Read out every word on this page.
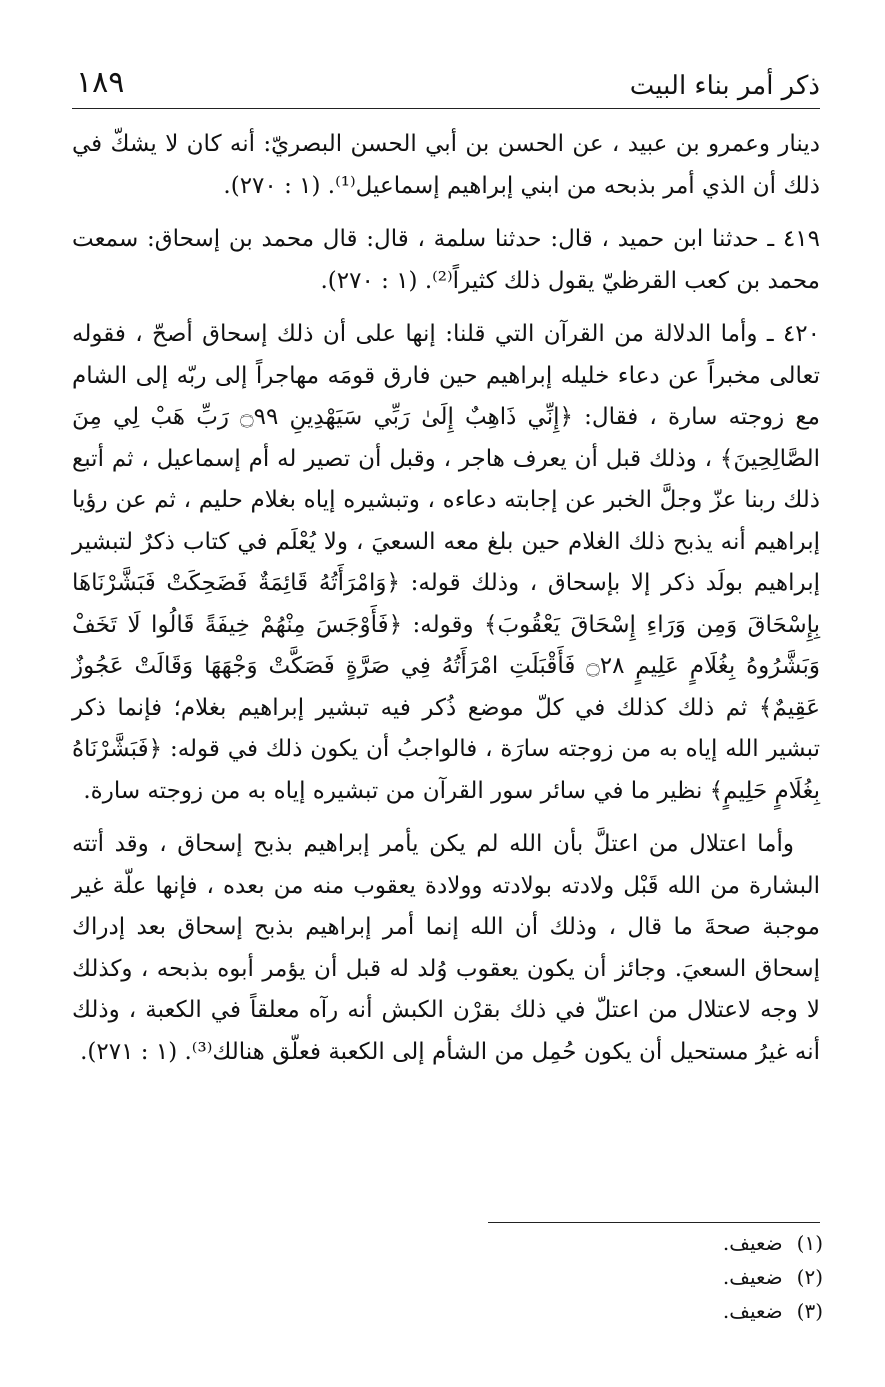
١٨٩	ذكر أمر بناء البيت

دينار وعمرو بن عبيد ، عن الحسن بن أبي الحسن البصريّ: أنه كان لا يشكّ في ذلك أن الذي أمر بذبحه من ابني إبراهيم إسماعيل⁽¹⁾. (١ : ٢٧٠).

٤١٩ ـ حدثنا ابن حميد ، قال: حدثنا سلمة ، قال: قال محمد بن إسحاق: سمعت محمد بن كعب القرظيّ يقول ذلك كثيراً⁽²⁾. (١ : ٢٧٠).

٤٢٠ ـ وأما الدلالة من القرآن التي قلنا: إنها على أن ذلك إسحاق أصحّ ، فقوله تعالى مخبراً عن دعاء خليله إبراهيم حين فارق قومَه مهاجراً إلى ربّه إلى الشام مع زوجته سارة ، فقال: ﴿إِنِّي ذَاهِبٌ إِلَىٰ رَبِّي سَيَهْدِينِ ۝٩٩ رَبِّ هَبْ لِي مِنَ الصَّالِحِينَ﴾ ، وذلك قبل أن يعرف هاجر ، وقبل أن تصير له أم إسماعيل ، ثم أتبع ذلك ربنا عزّ وجلَّ الخبر عن إجابته دعاءه ، وتبشيره إياه بغلام حليم ، ثم عن رؤيا إبراهيم أنه يذبح ذلك الغلام حين بلغ معه السعيَ ، ولا يُعْلَم في كتاب ذكرٌ لتبشير إبراهيم بولَد ذكر إلا بإسحاق ، وذلك قوله: ﴿وَامْرَأَتُهُ قَائِمَةٌ فَضَحِكَتْ فَبَشَّرْنَاهَا بِإِسْحَاقَ وَمِن وَرَاءِ إِسْحَاقَ يَعْقُوبَ﴾ وقوله: ﴿فَأَوْجَسَ مِنْهُمْ خِيفَةً قَالُوا لَا تَخَفْ وَبَشَّرُوهُ بِغُلَامٍ عَلِيمٍ ۝٢٨ فَأَقْبَلَتِ امْرَأَتُهُ فِي صَرَّةٍ فَصَكَّتْ وَجْهَهَا وَقَالَتْ عَجُوزٌ عَقِيمٌ﴾ ثم ذلك كذلك في كلّ موضع ذُكر فيه تبشير إبراهيم بغلام؛ فإنما ذكر تبشير الله إياه به من زوجته سارَة ، فالواجبُ أن يكون ذلك في قوله: ﴿فَبَشَّرْنَاهُ بِغُلَامٍ حَلِيمٍ﴾ نظير ما في سائر سور القرآن من تبشيره إياه به من زوجته سارة.

وأما اعتلال من اعتلَّ بأن الله لم يكن يأمر إبراهيم بذبح إسحاق ، وقد أتته البشارة من الله قَبْل ولادته بولادته وولادة يعقوب منه من بعده ، فإنها علّة غير موجبة صحةَ ما قال ، وذلك أن الله إنما أمر إبراهيم بذبح إسحاق بعد إدراك إسحاق السعيَ. وجائز أن يكون يعقوب وُلد له قبل أن يؤمر أبوه بذبحه ، وكذلك لا وجه لاعتلال من اعتلّ في ذلك بقرْن الكبش أنه رآه معلقاً في الكعبة ، وذلك أنه غيرُ مستحيل أن يكون حُمِل من الشأم إلى الكعبة فعلّق هنالك⁽³⁾. (١ : ٢٧١).

(١)
ضعيف.
(٢)
ضعيف.
(٣)
ضعيف.
